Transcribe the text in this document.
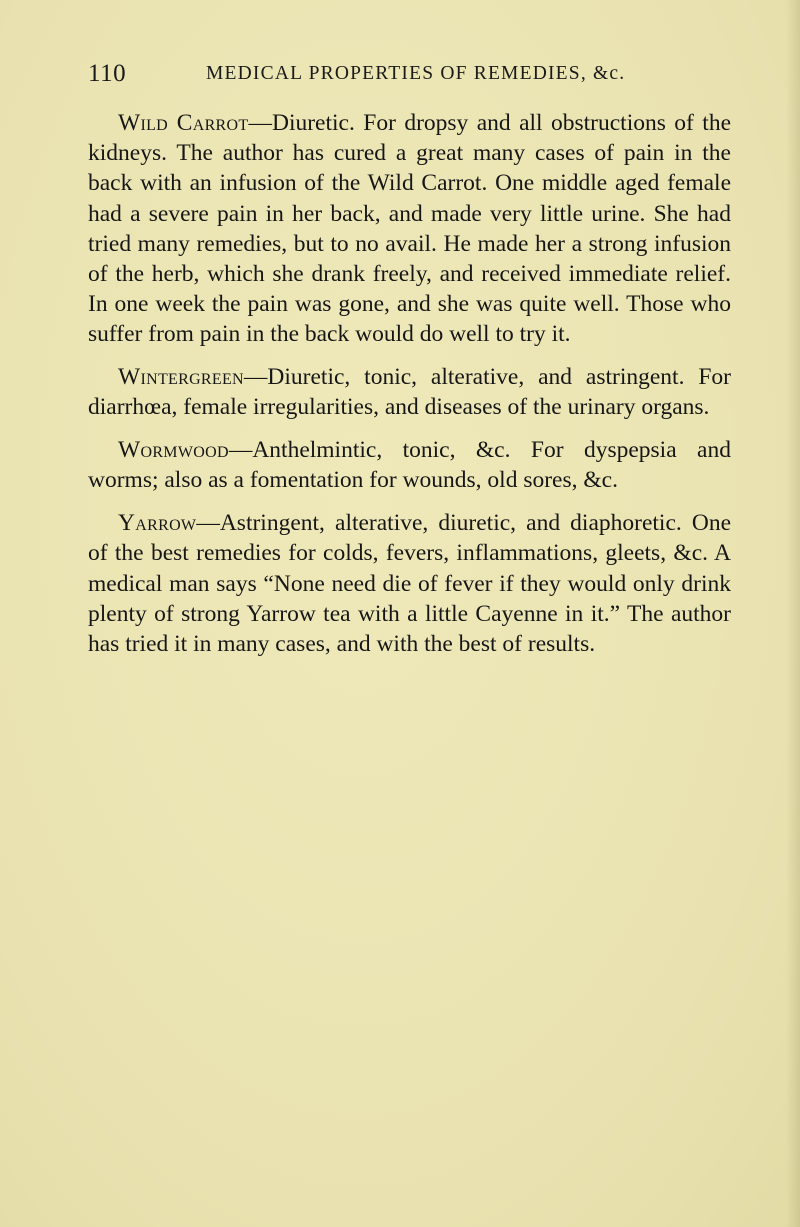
110	MEDICAL PROPERTIES OF REMEDIES, &c.

Wild Carrot—Diuretic. For dropsy and all obstructions of the kidneys. The author has cured a great many cases of pain in the back with an infusion of the Wild Carrot. One middle aged female had a severe pain in her back, and made very little urine. She had tried many remedies, but to no avail. He made her a strong infusion of the herb, which she drank freely, and received immediate relief. In one week the pain was gone, and she was quite well. Those who suffer from pain in the back would do well to try it.

Wintergreen—Diuretic, tonic, alterative, and astringent. For diarrhœa, female irregularities, and diseases of the urinary organs.

Wormwood—Anthelmintic, tonic, &c. For dyspepsia and worms; also as a fomentation for wounds, old sores, &c.

Yarrow—Astringent, alterative, diuretic, and diaphoretic. One of the best remedies for colds, fevers, inflammations, gleets, &c. A medical man says “None need die of fever if they would only drink plenty of strong Yarrow tea with a little Cayenne in it.” The author has tried it in many cases, and with the best of results.
